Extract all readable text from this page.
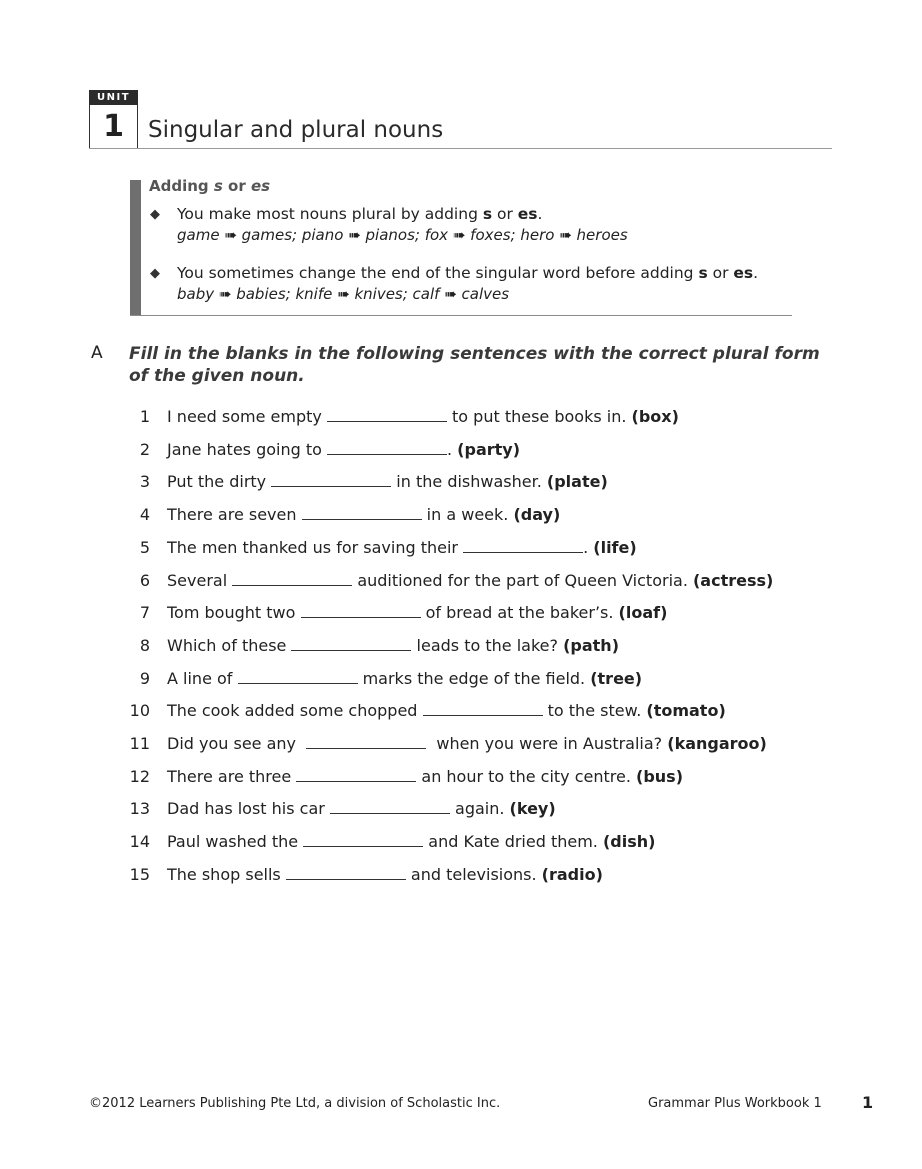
UNIT
1	Singular and plural nouns
Adding s or es
◆ You make most nouns plural by adding s or es.
game ➠ games; piano ➠ pianos; fox ➠ foxes; hero ➠ heroes
◆ You sometimes change the end of the singular word before adding s or es.
baby ➠ babies; knife ➠ knives; calf ➠ calves
A Fill in the blanks in the following sentences with the correct plural form of the given noun.
1 I need some empty	to put these books in. (box)
2 Jane hates going to	. (party)
3 Put the dirty	in the dishwasher. (plate)
4 There are seven	in a week. (day)
5 The men thanked us for saving their	. (life)
6 Several	auditioned for the part of Queen Victoria. (actress)
7 Tom bought two	of bread at the baker’s. (loaf)
8 Which of these	leads to the lake? (path)
9 A line of	marks the edge of the field. (tree)
10 The cook added some chopped	to the stew. (tomato)
11 Did you see any	when you were in Australia? (kangaroo)
12 There are three	an hour to the city centre. (bus)
13 Dad has lost his car	again. (key)
14 Paul washed the	and Kate dried them. (dish)
15 The shop sells	and televisions. (radio)
©2012 Learners Publishing Pte Ltd, a division of Scholastic Inc.	Grammar Plus Workbook 1	1
